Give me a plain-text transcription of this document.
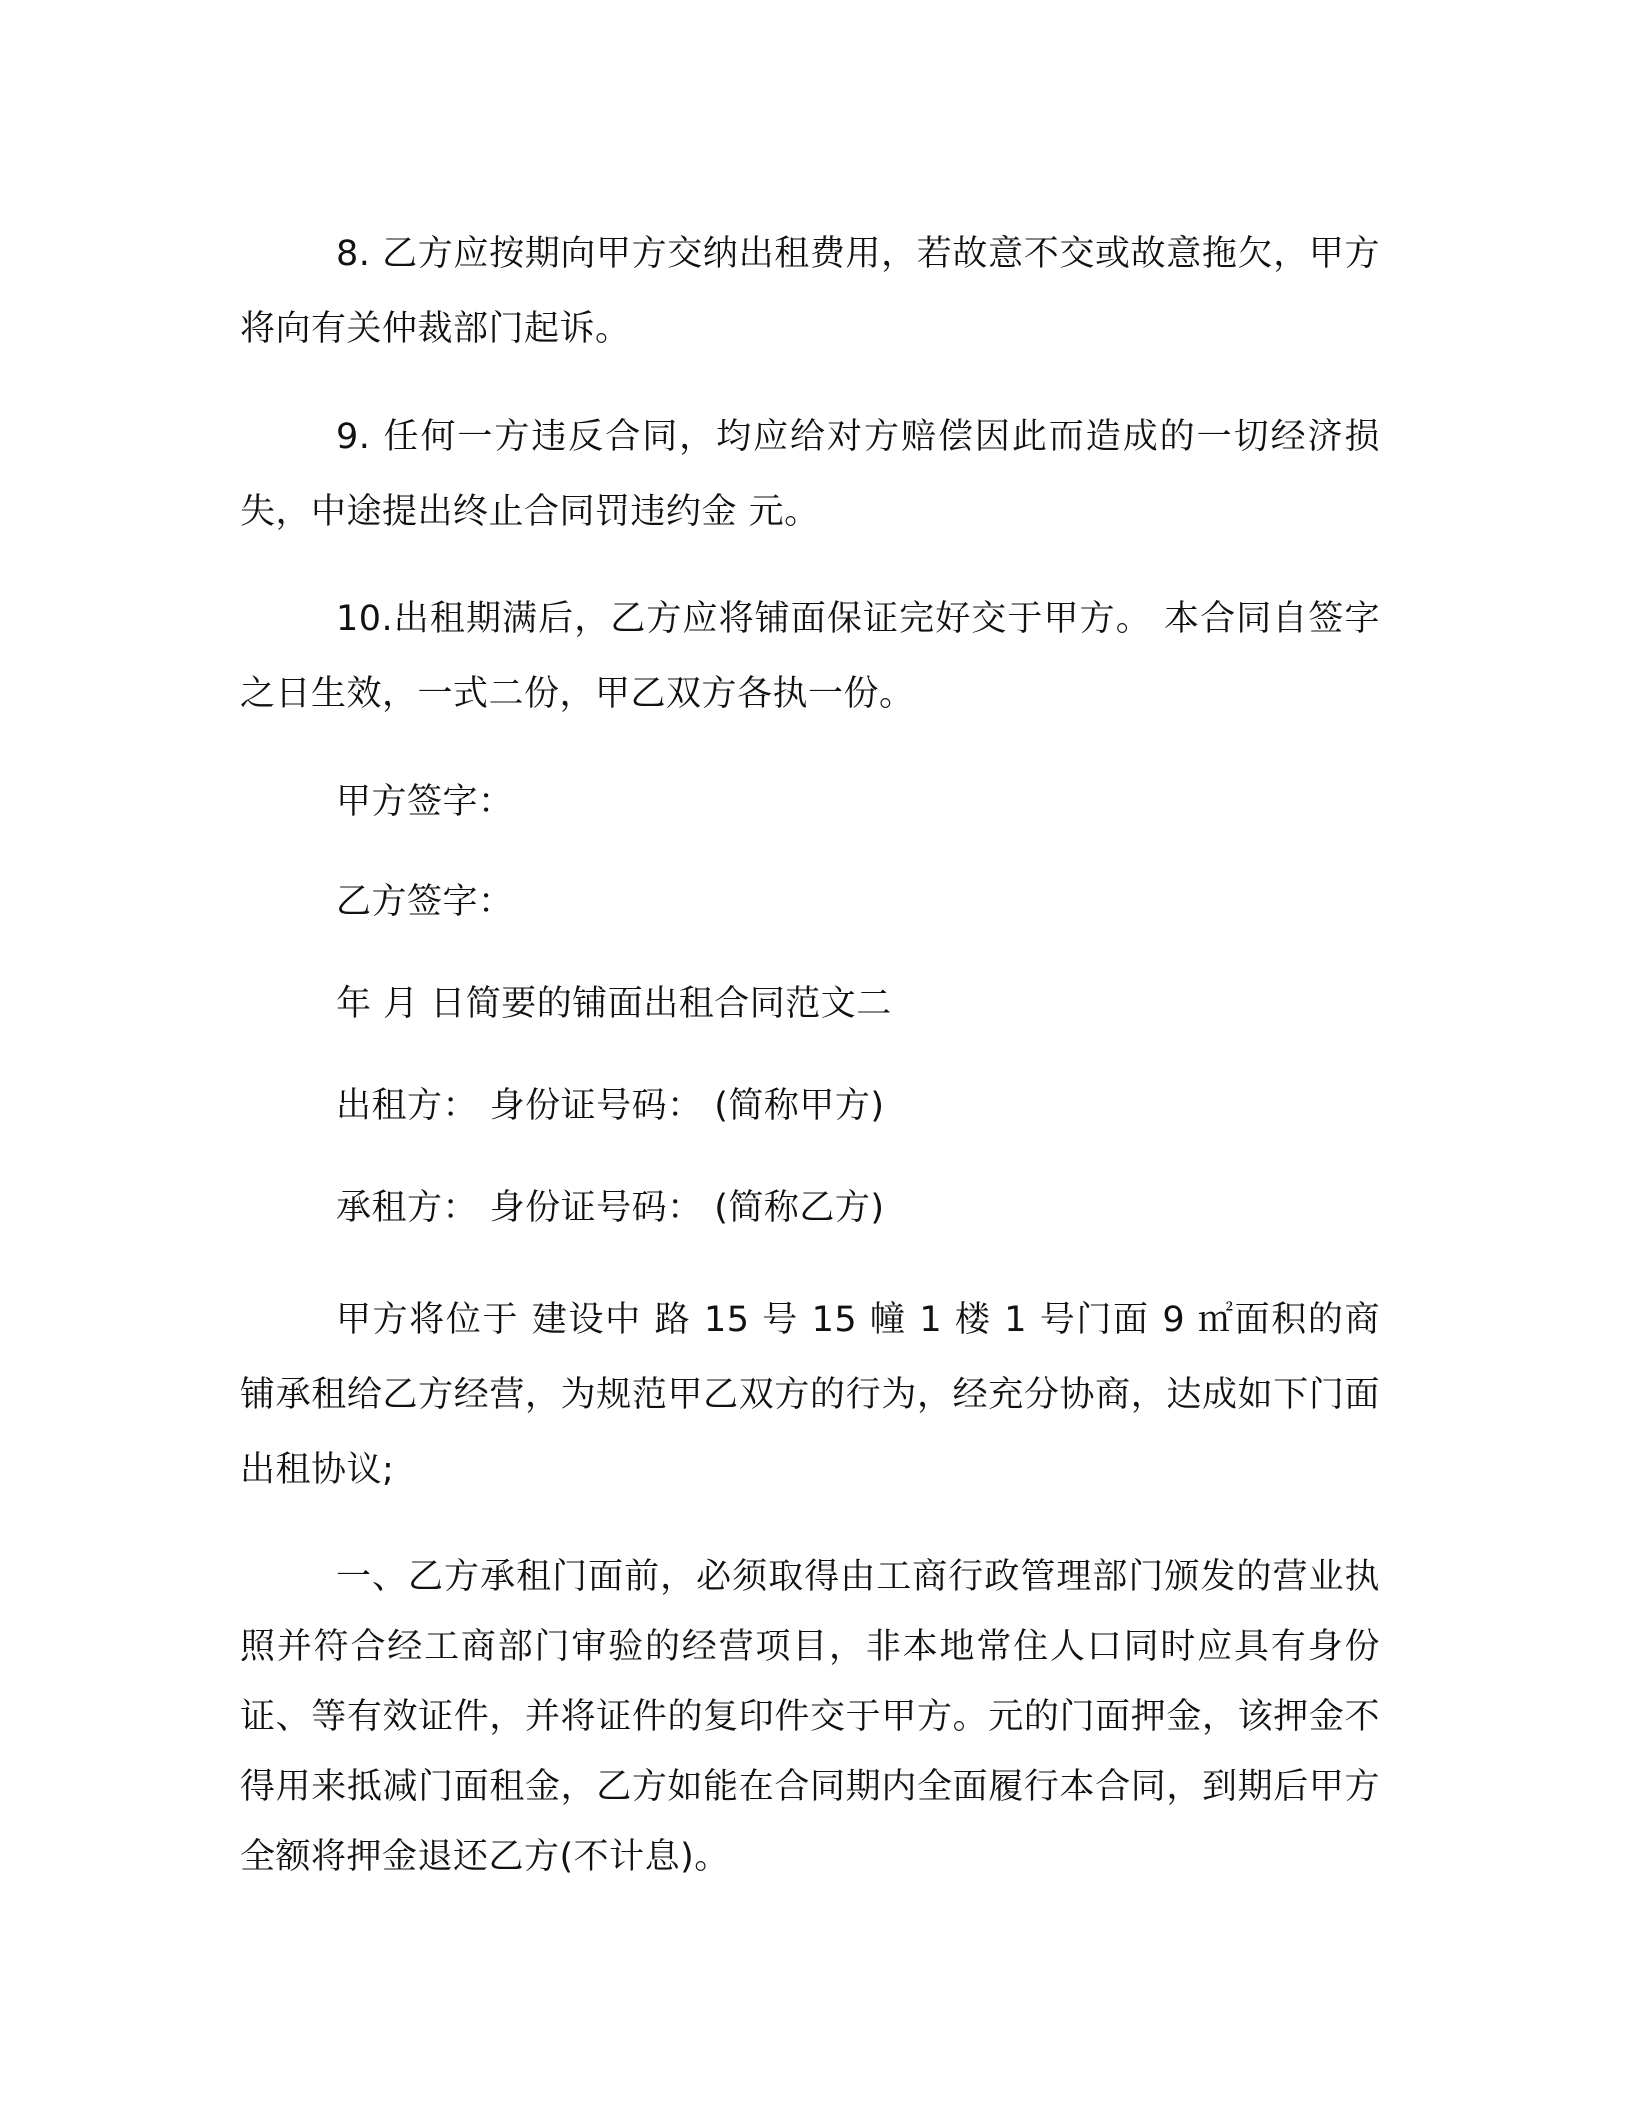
8. 乙方应按期向甲方交纳出租费用，若故意不交或故意拖欠，甲方将向有关仲裁部门起诉。

9. 任何一方违反合同，均应给对方赔偿因此而造成的一切经济损失，中途提出终止合同罚违约金 元。

10.出租期满后，乙方应将铺面保证完好交于甲方。 本合同自签字之日生效，一式二份，甲乙双方各执一份。

甲方签字：

乙方签字：

年 月 日简要的铺面出租合同范文二

出租方： 身份证号码： (简称甲方)

承租方： 身份证号码： (简称乙方)

甲方将位于 建设中 路 15 号 15 幢 1 楼 1 号门面 9 ㎡面积的商铺承租给乙方经营，为规范甲乙双方的行为，经充分协商，达成如下门面出租协议;

一、乙方承租门面前，必须取得由工商行政管理部门颁发的营业执照并符合经工商部门审验的经营项目，非本地常住人口同时应具有身份证、等有效证件，并将证件的复印件交于甲方。元的门面押金，该押金不得用来抵减门面租金，乙方如能在合同期内全面履行本合同，到期后甲方全额将押金退还乙方(不计息)。
